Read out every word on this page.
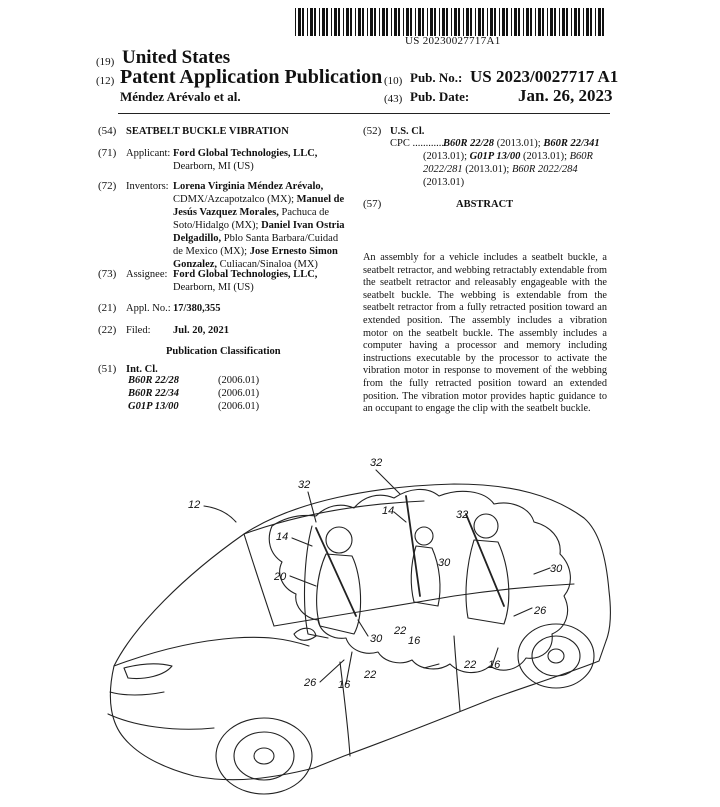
US 20230027717A1
(19) United States
(12) Patent Application Publication
Méndez Arévalo et al.
(10) Pub. No.: US 2023/0027717 A1
(43) Pub. Date:	Jan. 26, 2023
(54) SEATBELT BUCKLE VIBRATION
(71) Applicant: Ford Global Technologies, LLC,
Dearborn, MI (US)
(72) Inventors: Lorena Virginia Méndez Arévalo,
CDMX/Azcapotzalco (MX); Manuel de
Jesús Vazquez Morales, Pachuca de
Soto/Hidalgo (MX); Daniel Ivan Ostria
Delgadillo, Pblo Santa Barbara/Cuidad
de Mexico (MX); Jose Ernesto Simon
Gonzalez, Culiacan/Sinaloa (MX)
(73) Assignee: Ford Global Technologies, LLC,
Dearborn, MI (US)
(21) Appl. No.: 17/380,355
(22) Filed: Jul. 20, 2021
Publication Classification
(51) Int. Cl.
B60R 22/28	(2006.01)
B60R 22/34	(2006.01)
G01P 13/00	(2006.01)
(52) U.S. Cl.
CPC ............ B60R 22/28 (2013.01); B60R 22/341
(2013.01); G01P 13/00 (2013.01); B60R
2022/281 (2013.01); B60R 2022/284 (2013.01)
(57)	ABSTRACT
An assembly for a vehicle includes a seatbelt buckle, a seatbelt retractor, and webbing retractably extendable from the seatbelt retractor and releasably engageable with the seatbelt buckle. The webbing is extendable from the seatbelt retractor from a fully retracted position toward an extended position. The assembly includes a vibration motor on the seatbelt buckle. The assembly includes a computer having a processor and memory including instructions executable by the processor to activate the vibration motor in response to movement of the webbing from the fully retracted position toward an extended position. The vibration motor provides haptic guidance to an occupant to engage the clip with the seatbelt buckle.
12
14
14
20
32
32
32
30	30
30
22
22
22
16
16
16
26
26
